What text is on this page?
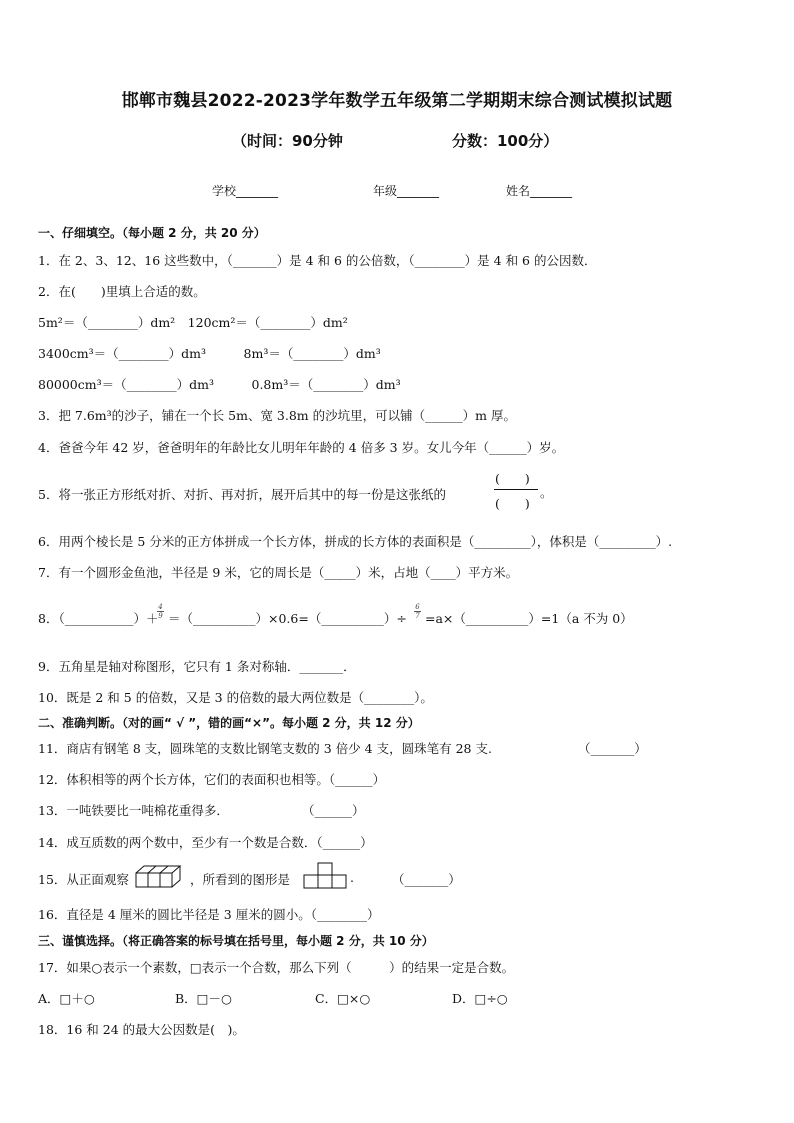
邯郸市魏县2022-2023学年数学五年级第二学期期末综合测试模拟试题
（时间：90分钟	分数：100分）
学校_______	年级_______	姓名_______
一、仔细填空。（每小题 2 分，共 20 分）
1．在 2、3、12、16 这些数中，（_______）是 4 和 6 的公倍数，（________）是 4 和 6 的公因数．
2．在(　　)里填上合适的数。
5m²＝（________）dm²　120cm²＝（________）dm²
3400cm³＝（________）dm³　　　8m³＝（________）dm³
80000cm³＝（________）dm³　　　0.8m³＝（________）dm³
3．把 7.6m³的沙子，铺在一个长 5m、宽 3.8m 的沙坑里，可以铺（______）m 厚。
4．爸爸今年 42 岁，爸爸明年的年龄比女儿明年年龄的 4 倍多 3 岁。女儿今年（______）岁。
5．将一张正方形纸对折、对折、再对折，展开后其中的每一份是这张纸的
(　　)
(　　)
。
6．用两个棱长是 5 分米的正方体拼成一个长方体，拼成的长方体的表面积是（_________），体积是（_________）.
7．有一个圆形金鱼池，半径是 9 米，它的周长是（_____）米，占地（____）平方米。
8．（___________）＋
4
9 ＝（__________）×0.6=（__________）÷
6
7 =a×（__________）=1（a 不为 0）
9．五角星是轴对称图形，它只有 1 条对称轴．_______．
10．既是 2 和 5 的倍数，又是 3 的倍数的最大两位数是（________）。
二、准确判断。（对的画“ √ ”，错的画“×”。每小题 2 分，共 12 分）
11．商店有钢笔 8 支，圆珠笔的支数比钢笔支数的 3 倍少 4 支，圆珠笔有 28 支.	（_______）
12．体积相等的两个长方体，它们的表面积也相等。（______）
13．一吨铁要比一吨棉花重得多．	（______）
14．成互质数的两个数中，至少有一个数是合数．（______）
15．从正面观察	，所看到的图形是	.	（_______）
16．直径是 4 厘米的圆比半径是 3 厘米的圆小。（________）
三、谨慎选择。（将正确答案的标号填在括号里，每小题 2 分，共 10 分）
17．如果○表示一个素数，□表示一个合数，那么下列（　　　）的结果一定是合数。
A．□＋○	B．□－○	C．□×○	D．□÷○
18．16 和 24 的最大公因数是(　)。
